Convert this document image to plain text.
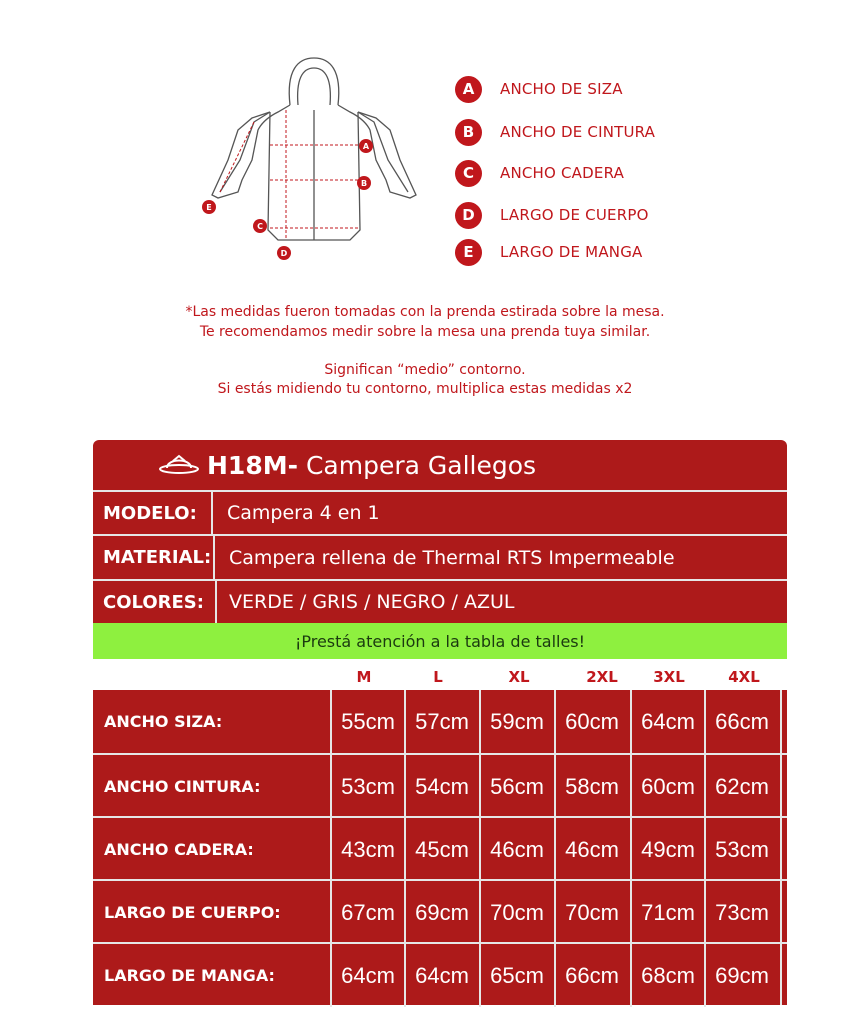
A
B
C
D
E
A	ANCHO DE SIZA
B	ANCHO DE CINTURA
C	ANCHO CADERA
D	LARGO DE CUERPO
E	LARGO DE MANGA
*Las medidas fueron tomadas con la prenda estirada sobre la mesa.
Te recomendamos medir sobre la mesa una prenda tuya similar.
Significan “medio” contorno.
Si estás midiendo tu contorno, multiplica estas medidas x2
H18M- Campera Gallegos
MODELO:	Campera 4 en 1
MATERIAL: Campera rellena de Thermal RTS Impermeable
COLORES:	VERDE / GRIS / NEGRO / AZUL
¡Prestá atención a la tabla de talles!
M	L	XL	2XL	3XL	4XL
ANCHO SIZA:	55cm 57cm 59cm 60cm	64cm 66cm
ANCHO CINTURA:	53cm 54cm 56cm 58cm	60cm 62cm
ANCHO CADERA:	43cm 45cm 46cm 46cm	49cm 53cm
LARGO DE CUERPO:	67cm 69cm 70cm 70cm	71cm 73cm
LARGO DE MANGA:	64cm 64cm 65cm 66cm	68cm 69cm
